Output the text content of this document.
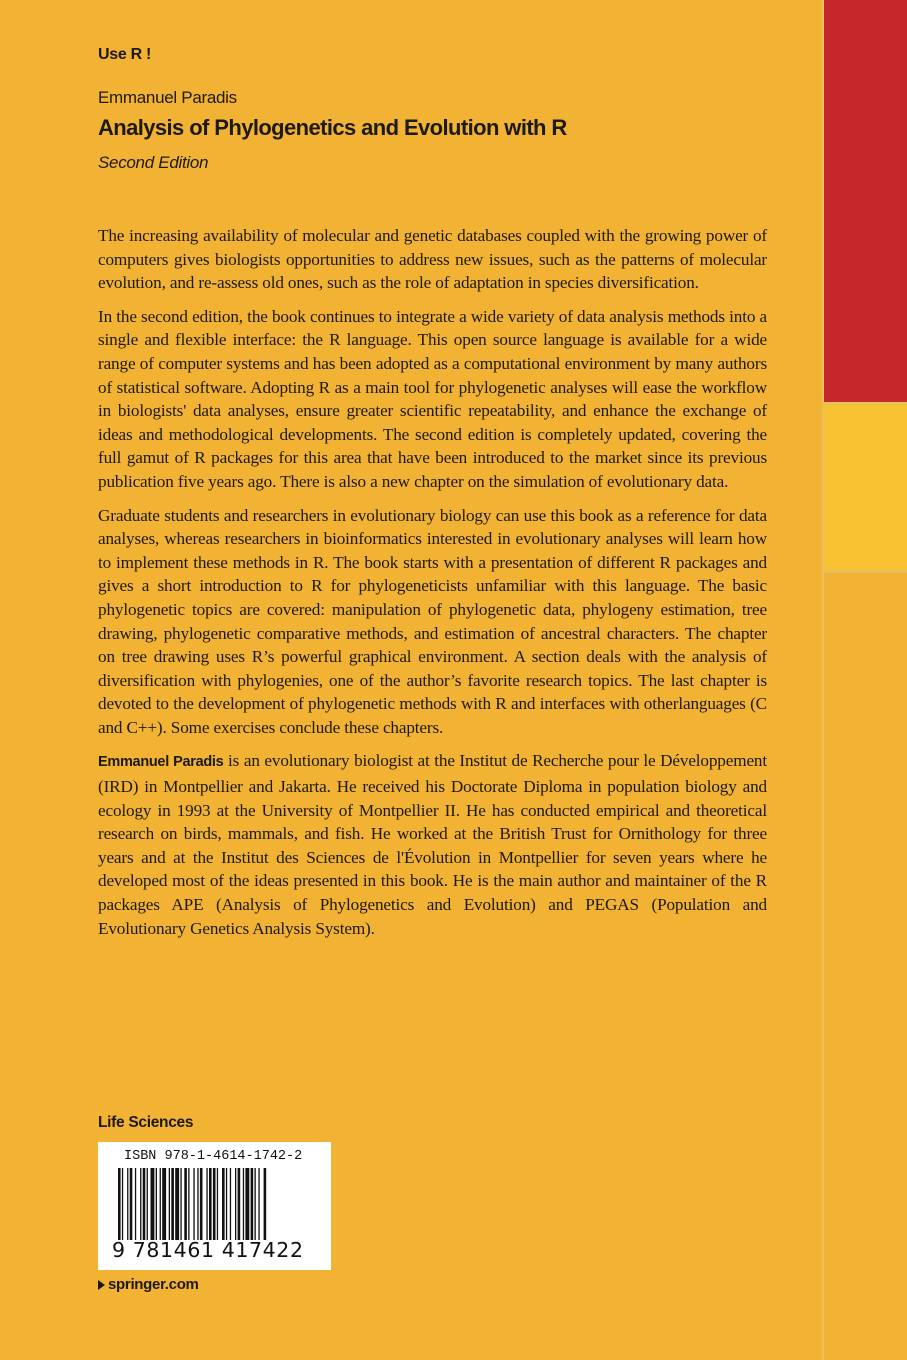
Use R !
Emmanuel Paradis
Analysis of Phylogenetics and Evolution with R
Second Edition

The increasing availability of molecular and genetic databases coupled with the growing power of computers gives biologists opportunities to address new issues, such as the patterns of molecular evolution, and re-assess old ones, such as the role of adaptation in species diversification.

In the second edition, the book continues to integrate a wide variety of data analysis methods into a single and flexible interface: the R language. This open source language is available for a wide range of computer systems and has been adopted as a computational environment by many authors of statistical software. Adopting R as a main tool for phylogenetic analyses will ease the workflow in biologists' data analyses, ensure greater scientific repeatability, and enhance the exchange of ideas and methodological developments. The second edition is completely updated, covering the full gamut of R packages for this area that have been introduced to the market since its previous publication five years ago. There is also a new chapter on the simulation of evolutionary data.

Graduate students and researchers in evolutionary biology can use this book as a reference for data analyses, whereas researchers in bioinformatics interested in evolutionary analyses will learn how to implement these methods in R. The book starts with a presentation of different R packages and gives a short introduction to R for phylogeneticists unfamiliar with this language. The basic phylogenetic topics are covered: manipulation of phylogenetic data, phylogeny estimation, tree drawing, phylogenetic comparative methods, and estimation of ancestral characters. The chapter on tree drawing uses R’s powerful graphical environment. A section deals with the analysis of diversification with phylogenies, one of the author’s favorite research topics. The last chapter is devoted to the development of phylogenetic methods with R and interfaces with otherlanguages (C and C++). Some exercises conclude these chapters.

Emmanuel Paradis is an evolutionary biologist at the Institut de Recherche pour le Développement (IRD) in Montpellier and Jakarta. He received his Doctorate Diploma in population biology and ecology in 1993 at the University of Montpellier II. He has conducted empirical and theoretical research on birds, mammals, and fish. He worked at the British Trust for Ornithology for three years and at the Institut des Sciences de l'Évolution in Montpellier for seven years where he developed most of the ideas presented in this book. He is the main author and maintainer of the R packages APE (Analysis of Phylogenetics and Evolution) and PEGAS (Population and Evolutionary Genetics Analysis System).

Life Sciences
ISBN 978-1-4614-1742-2
9 781461 417422
springer.com
